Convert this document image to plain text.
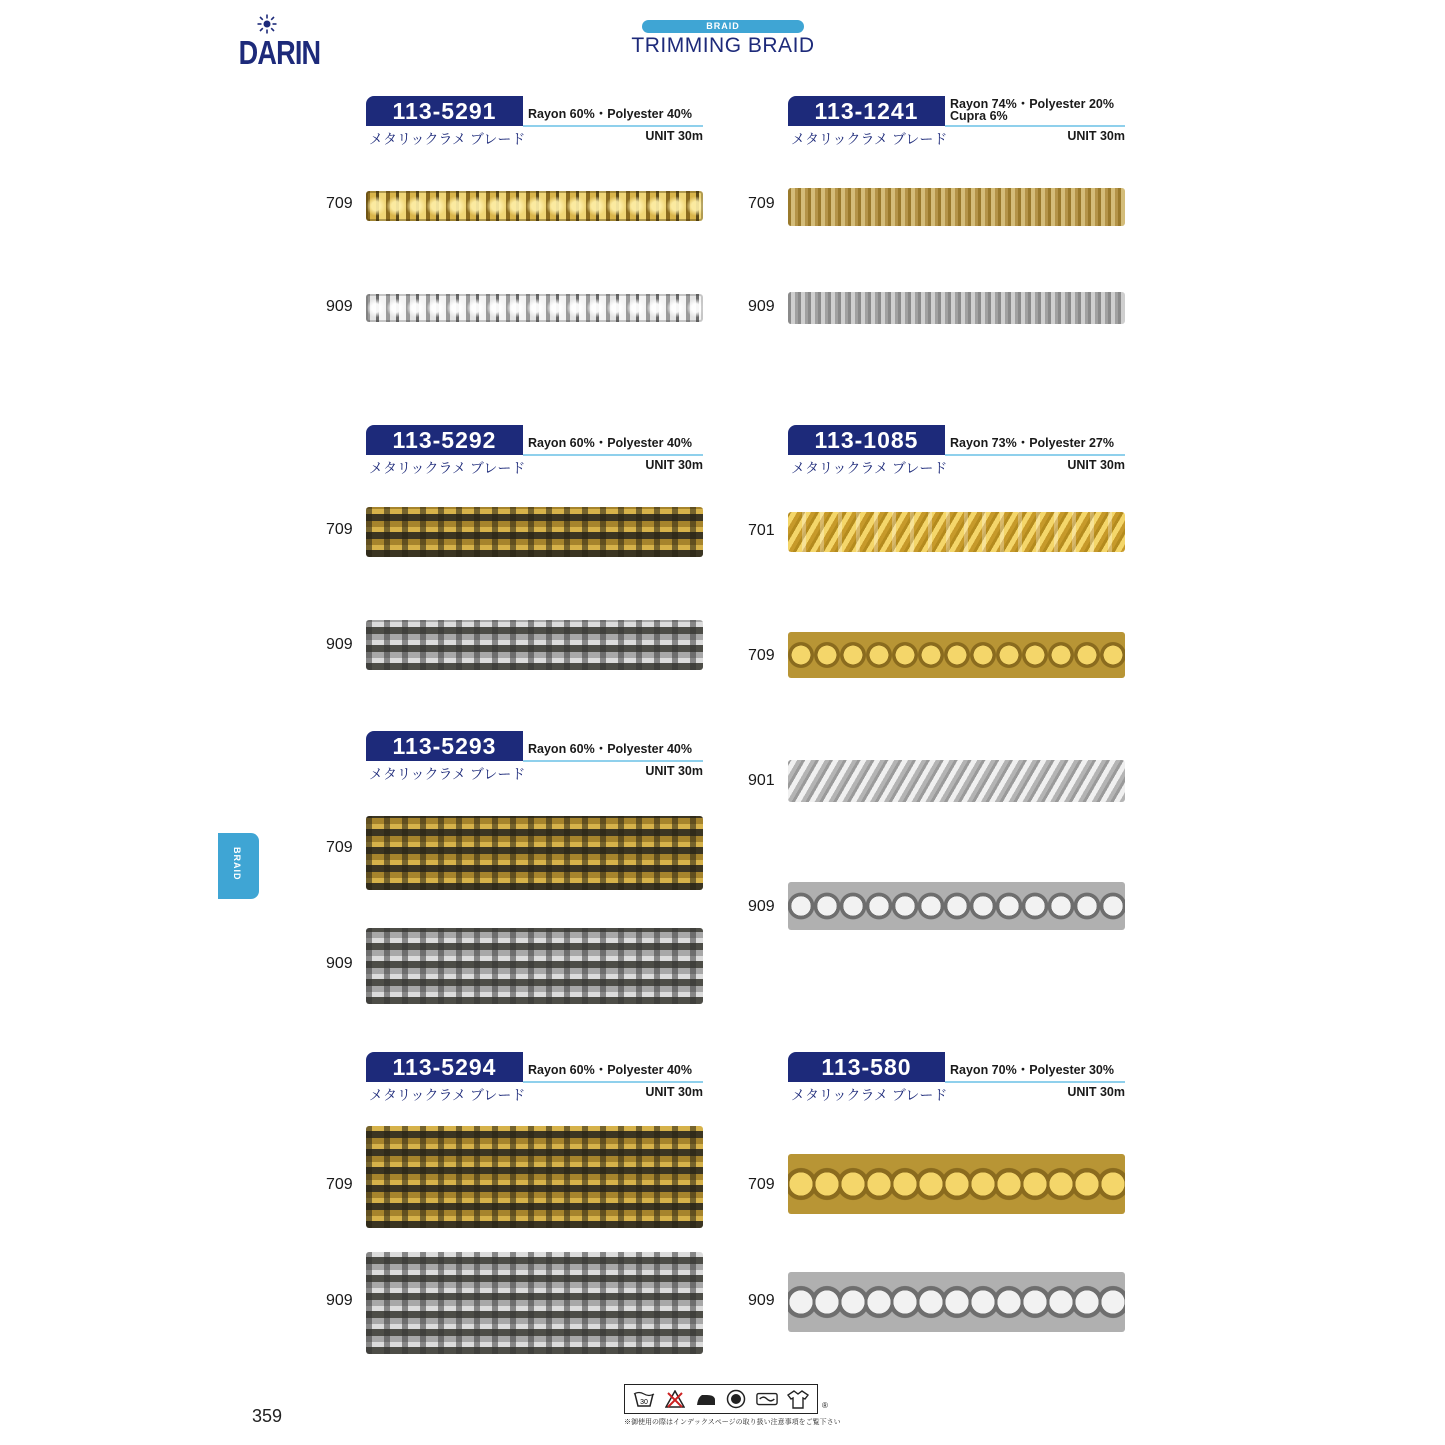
DARIN
BRAID
TRIMMING BRAID
BRAID
113-5291	Rayon 60%・Polyester 40%
メタリックラメ ブレード	UNIT 30m
709
909
113-1241	Rayon 74%・Polyester 20%
Cupra 6%
メタリックラメ ブレード	UNIT 30m
709
909
113-5292	Rayon 60%・Polyester 40%
メタリックラメ ブレード	UNIT 30m
709
909
113-1085	Rayon 73%・Polyester 27%
メタリックラメ ブレード	UNIT 30m
701
709
901
909
113-5293	Rayon 60%・Polyester 40%
メタリックラメ ブレード	UNIT 30m
709
909
113-5294	Rayon 60%・Polyester 40%
メタリックラメ ブレード	UNIT 30m
709
909
113-580	Rayon 70%・Polyester 30%
メタリックラメ ブレード	UNIT 30m
709
909
30	®
※御使用の際はインデックスページの取り扱い注意事項をご覧下さい
359
